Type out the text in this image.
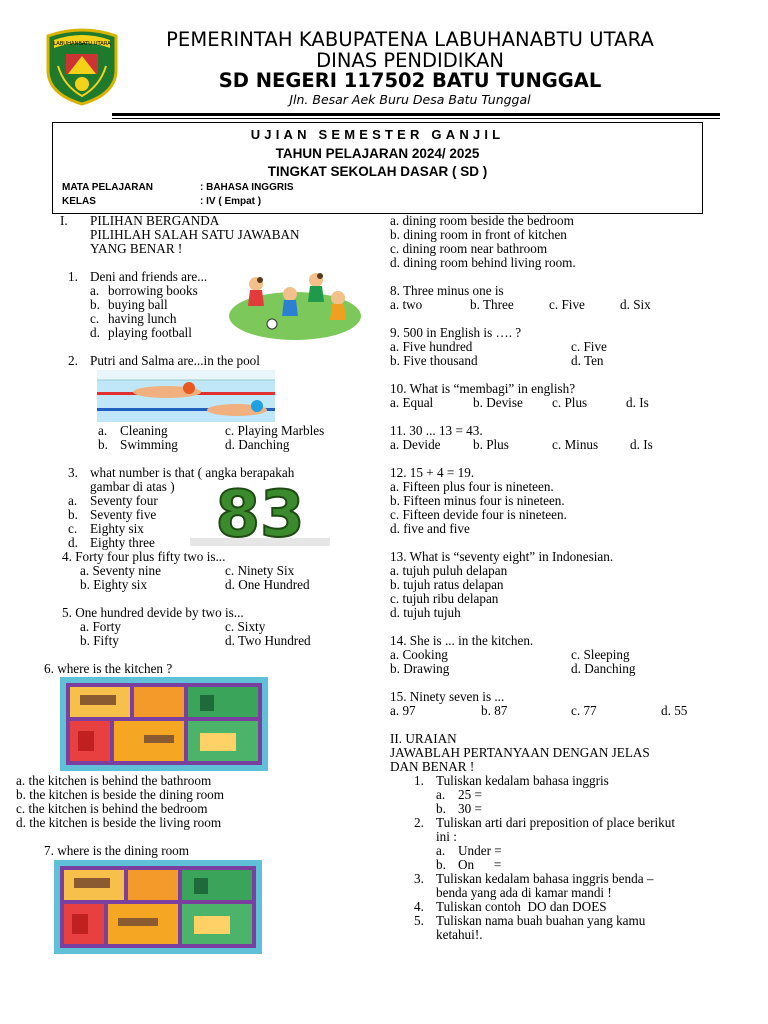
LABUHANBATU UTARA	PEMERINTAH KABUPATENA LABUHANABTU UTARA
DINAS PENDIDIKAN
SD NEGERI 117502 BATU TUNGGAL
Jln. Besar Aek Buru Desa Batu Tunggal
UJIAN SEMESTER GANJIL
TAHUN PELAJARAN 2024/ 2025
TINGKAT SEKOLAH DASAR ( SD )
MATA PELAJARAN	: BAHASA INGGRIS
KELAS	: IV ( Empat )
I. PILIHAN BERGANDA
PILIHLAH SALAH SATU JAWABAN
YANG BENAR !
1. Deni and friends are...
a. borrowing books
b. buying ball
c. having lunch
d. playing football
2. Putri and Salma are...in the pool
a. Cleaning
b. Swimming
c. Playing Marbles
d. Danching
3. what number is that ( angka berapakah
gambar di atas )
a. Seventy four
b. Seventy five
c. Eighty six
d. Eighty three 83
4. Forty four plus fifty two is...
a. Seventy nine
b. Eighty six
c. Ninety Six
d. One Hundred
5. One hundred devide by two is...
a. Forty
b. Fifty
c. Sixty
d. Two Hundred
6. where is the kitchen ?
a. the kitchen is behind the bathroom
b. the kitchen is beside the dining room
c. the kitchen is behind the bedroom
d. the kitchen is beside the living room
7. where is the dining room
a. dining room beside the bedroom
b. dining room in front of kitchen
c. dining room near bathroom
d. dining room behind living room.
8. Three minus one is
a. two	b. Three	c. Five	d. Six
9. 500 in English is …. ?
a. Five hundred
b. Five thousand
c. Five
d. Ten
10. What is “membagi” in english?
a. Equal	b. Devise c. Plus	d. Is
11. 30 ... 13 = 43.
a. Devide b. Plus	c. Minus d. Is
12. 15 + 4 = 19.
a. Fifteen plus four is nineteen.
b. Fifteen minus four is nineteen.
c. Fifteen devide four is nineteen.
d. five and five
13. What is “seventy eight” in Indonesian.
a. tujuh puluh delapan
b. tujuh ratus delapan
c. tujuh ribu delapan
d. tujuh tujuh
14. She is ... in the kitchen.
a. Cooking
b. Drawing
c. Sleeping
d. Danching
15. Ninety seven is ...
a. 97	b. 87	c. 77	d. 55
II. URAIAN
JAWABLAH PERTANYAAN DENGAN JELAS
DAN BENAR !
1. Tuliskan kedalam bahasa inggris
a. 25 =
b. 30 =
2. Tuliskan arti dari preposition of place berikut
ini :
a. Under =
b. On      =
3. Tuliskan kedalam bahasa inggris benda –
benda yang ada di kamar mandi !
4. Tuliskan contoh  DO dan DOES
5. Tuliskan nama buah buahan yang kamu
ketahui!.
